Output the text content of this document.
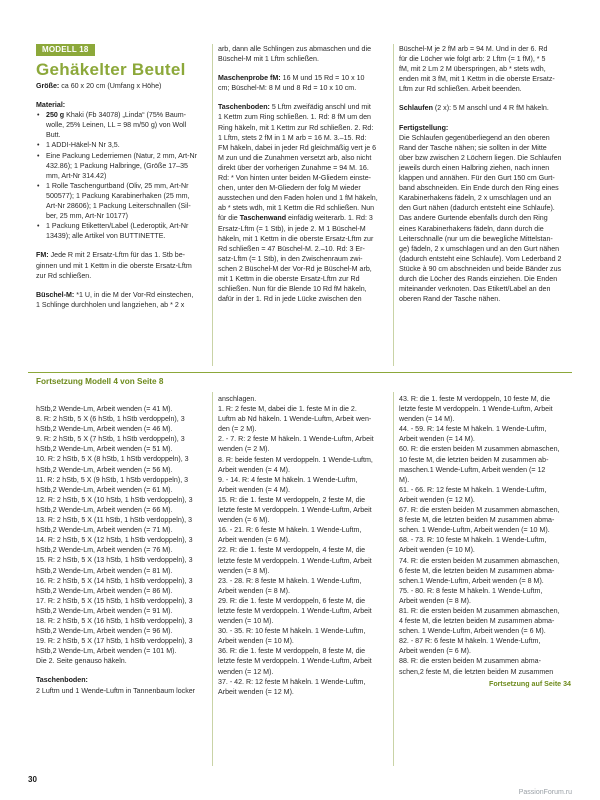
MODELL 18
Gehäkelter Beutel

Größe: ca 60 x 20 cm (Umfang x Höhe)

Material:

• 250 g Khaki (Fb 34078) „Linda“ (75% Baum-

wolle, 25% Leinen, LL = 98 m/50 g) von Woll

Butt.

• 1 ADDI-Häkel-N Nr 3,5.

• Eine Packung Lederriemen (Natur, 2 mm, Art-Nr

432.86); 1 Packung Halbringe, (Größe 17–35

mm, Art-Nr 314.42)

• 1 Rolle Taschengurtband (Oliv, 25 mm, Art-Nr

500577); 1 Packung Karabinerhaken (25 mm,

Art-Nr 28606); 1 Packung Leiterschnallen (Sil-

ber, 25 mm, Art-Nr 10177)

• 1 Packung Etiketten/Label (Lederoptik, Art-Nr

13439); alle Artikel von BUTTINETTE.

FM: Jede R mit 2 Ersatz-Lftm für das 1. Stb be-

ginnen und mit 1 Kettm in die oberste Ersatz-Lftm

zur Rd schließen.

Büschel-M: *1 U, in die M der Vor-Rd einstechen,

1 Schlinge durchholen und langziehen, ab * 2 x

arb, dann alle Schlingen zus abmaschen und die

Büschel-M mit 1 Lftm schließen.

Maschenprobe fM: 16 M und 15 Rd = 10 x 10

cm; Büschel-M: 8 M und 8 Rd = 10 x 10 cm.

Taschenboden: 5 Lftm zweifädig anschl und mit

1 Kettm zum Ring schließen. 1. Rd: 8 fM um den

Ring häkeln, mit 1 Kettm zur Rd schließen. 2. Rd:

1 Lftm, stets 2 fM in 1 M arb = 16 M. 3.–15. Rd:

FM häkeln, dabei in jeder Rd gleichmäßig vert je 6

M zun und die Zunahmen versetzt arb, also nicht

direkt über der vorherigen Zunahme = 94 M. 16.

Rd: * Von hinten unter beiden M-Gliedern einste-

chen, unter den M-Gliedern der folg M wieder

ausstechen und den Faden holen und 1 fM häkeln,

ab * stets wdh, mit 1 Kettm die Rd schließen. Nun

für die Taschenwand einfädig weiterarb. 1. Rd: 3

Ersatz-Lftm (= 1 Stb), in jede 2. M 1 Büschel-M

häkeln, mit 1 Kettm in die oberste Ersatz-Lftm zur

Rd schließen = 47 Büschel-M. 2.–10. Rd: 3 Er-

satz-Lftm (= 1 Stb), in den Zwischenraum zwi-

schen 2 Büschel-M der Vor-Rd je Büschel-M arb,

mit 1 Kettm in die oberste Ersatz-Lftm zur Rd

schließen. Nun für die Blende 10 Rd fM häkeln,

dafür in der 1. Rd in jede Lücke zwischen den

Büschel-M je 2 fM arb = 94 M. Und in der 6. Rd

für die Löcher wie folgt arb: 2 Lftm (= 1 fM), * 5

fM, mit 2 Lm 2 M überspringen, ab * stets wdh,

enden mit 3 fM, mit 1 Kettm in die oberste Ersatz-

Lftm zur Rd schließen. Arbeit beenden.

Schlaufen (2 x): 5 M anschl und 4 R fM häkeln.

Fertigstellung:

Die Schlaufen gegenüberliegend an den oberen

Rand der Tasche nähen; sie sollten in der Mitte

über bzw zwischen 2 Löchern liegen. Die Schlaufen

jeweils durch einen Halbring ziehen, nach innen

klappen und annähen. Für den Gurt 150 cm Gurt-

band abschneiden. Ein Ende durch den Ring eines

Karabinerhakens fädeln, 2 x umschlagen und an

den Gurt nähen (dadurch entsteht eine Schlaufe).

Das andere Gurtende ebenfalls durch den Ring

eines Karabinerhakens fädeln, dann durch die

Leiterschnalle (nur um die bewegliche Mittelstan-

ge) fädeln, 2 x umschlagen und an den Gurt nähen

(dadurch entsteht eine Schlaufe). Vom Lederband 2

Stücke à 90 cm abschneiden und beide Bänder zus

durch die Löcher des Rands einziehen. Die Enden

miteinander verknoten. Das Etikett/Label an den

oberen Rand der Tasche nähen.

Fortsetzung Modell 4 von Seite 8

hStb,2 Wende-Lm, Arbeit wenden (= 41 M).

8. R: 2 hStb, 5 X (6 hStb, 1 hStb verdoppeln), 3

hStb,2 Wende-Lm, Arbeit wenden (= 46 M).

9. R: 2 hStb, 5 X (7 hStb, 1 hStb verdoppeln), 3

hStb,2 Wende-Lm, Arbeit wenden (= 51 M).

10. R: 2 hStb, 5 X (8 hStb, 1 hStb verdoppeln), 3

hStb,2 Wende-Lm, Arbeit wenden (= 56 M).

11. R: 2 hStb, 5 X (9 hStb, 1 hStb verdoppeln), 3

hStb,2 Wende-Lm, Arbeit wenden (= 61 M).

12. R: 2 hStb, 5 X (10 hStb, 1 hStb verdoppeln), 3

hStb,2 Wende-Lm, Arbeit wenden (= 66 M).

13. R: 2 hStb, 5 X (11 hStb, 1 hStb verdoppeln), 3

hStb,2 Wende-Lm, Arbeit wenden (= 71 M).

14. R: 2 hStb, 5 X (12 hStb, 1 hStb verdoppeln), 3

hStb,2 Wende-Lm, Arbeit wenden (= 76 M).

15. R: 2 hStb, 5 X (13 hStb, 1 hStb verdoppeln), 3

hStb,2 Wende-Lm, Arbeit wenden (= 81 M).

16. R: 2 hStb, 5 X (14 hStb, 1 hStb verdoppeln), 3

hStb,2 Wende-Lm, Arbeit wenden (= 86 M).

17. R: 2 hStb, 5 X (15 hStb, 1 hStb verdoppeln), 3

hStb,2 Wende-Lm, Arbeit wenden (= 91 M).

18. R: 2 hStb, 5 X (16 hStb, 1 hStb verdoppeln), 3

hStb,2 Wende-Lm, Arbeit wenden (= 96 M).

19. R: 2 hStb, 5 X (17 hStb, 1 hStb verdoppeln), 3

hStb,2 Wende-Lm, Arbeit wenden (= 101 M).

Die 2. Seite genauso häkeln.

Taschenboden:

2 Luftm und 1 Wende-Luftm in Tannenbaum locker

anschlagen.

1. R: 2 feste M, dabei die 1. feste M in die 2.

Luftm ab Nd häkeln. 1 Wende-Luftm, Arbeit wen-

den (= 2 M).

2. - 7. R: 2 feste M häkeln. 1 Wende-Luftm, Arbeit

wenden (= 2 M).

8. R: beide festen M verdoppeln. 1 Wende-Luftm,

Arbeit wenden (= 4 M).

9. - 14. R: 4 feste M häkeln. 1 Wende-Luftm,

Arbeit wenden (= 4 M).

15. R: die 1. feste M verdoppeln, 2 feste M, die

letzte feste M verdoppeln. 1 Wende-Luftm, Arbeit

wenden (= 6 M).

16. - 21. R: 6 feste M häkeln. 1 Wende-Luftm,

Arbeit wenden (= 6 M).

22. R: die 1. feste M verdoppeln, 4 feste M, die

letzte feste M verdoppeln. 1 Wende-Luftm, Arbeit

wenden (= 8 M).

23. - 28. R: 8 feste M häkeln. 1 Wende-Luftm,

Arbeit wenden (= 8 M).

29. R: die 1. feste M verdoppeln, 6 feste M, die

letzte feste M verdoppeln. 1 Wende-Luftm, Arbeit

wenden (= 10 M).

30. - 35. R: 10 feste M häkeln. 1 Wende-Luftm,

Arbeit wenden (= 10 M).

36. R: die 1. feste M verdoppeln, 8 feste M, die

letzte feste M verdoppeln. 1 Wende-Luftm, Arbeit

wenden (= 12 M).

37. - 42. R: 12 feste M häkeln. 1 Wende-Luftm,

Arbeit wenden (= 12 M).

43. R: die 1. feste M verdoppeln, 10 feste M, die

letzte feste M verdoppeln. 1 Wende-Luftm, Arbeit

wenden (= 14 M).

44. - 59. R: 14 feste M häkeln. 1 Wende-Luftm,

Arbeit wenden (= 14 M).

60. R: die ersten beiden M zusammen abmaschen,

10 feste M, die letzten beiden M zusammen ab-

maschen.1 Wende-Luftm, Arbeit wenden (= 12

M).

61. - 66. R: 12 feste M häkeln. 1 Wende-Luftm,

Arbeit wenden (= 12 M).

67. R: die ersten beiden M zusammen abmaschen,

8 feste M, die letzten beiden M zusammen abma-

schen. 1 Wende-Luftm, Arbeit wenden (= 10 M).

68. - 73. R: 10 feste M häkeln. 1 Wende-Luftm,

Arbeit wenden (= 10 M).

74. R: die ersten beiden M zusammen abmaschen,

6 feste M, die letzten beiden M zusammen abma-

schen.1 Wende-Luftm, Arbeit wenden (= 8 M).

75. - 80. R: 8 feste M häkeln. 1 Wende-Luftm,

Arbeit wenden (= 8 M).

81. R: die ersten beiden M zusammen abmaschen,

4 feste M, die letzten beiden M zusammen abma-

schen. 1 Wende-Luftm, Arbeit wenden (= 6 M).

82. - 87 R: 6 feste M häkeln. 1 Wende-Luftm,

Arbeit wenden (= 6 M).

88. R: die ersten beiden M zusammen abma-

schen,2 feste M, die letzten beiden M zusammen

Fortsetzung auf Seite 34

30
PassionForum.ru
